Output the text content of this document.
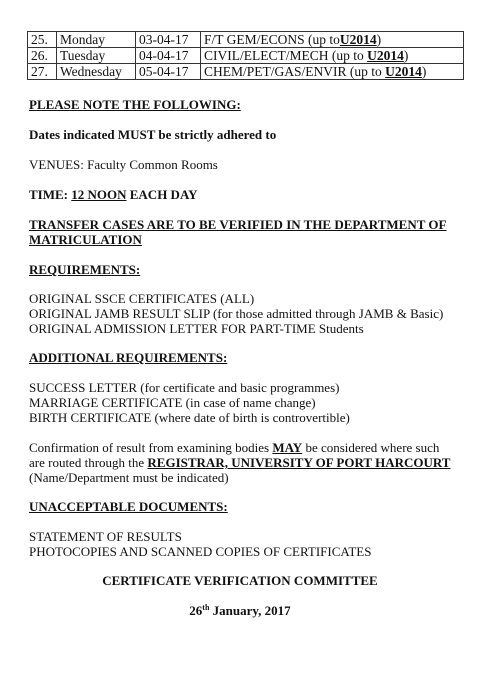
25.	Monday	03-04-17	F/T GEM/ECONS (up toU2014)
26.	Tuesday	04-04-17	CIVIL/ELECT/MECH (up to U2014)
27.	Wednesday	05-04-17	CHEM/PET/GAS/ENVIR (up to U2014)
PLEASE NOTE THE FOLLOWING:
Dates indicated MUST be strictly adhered to
VENUES: Faculty Common Rooms
TIME: 12 NOON EACH DAY
TRANSFER CASES ARE TO BE VERIFIED IN THE DEPARTMENT OF
MATRICULATION
REQUIREMENTS:
ORIGINAL SSCE CERTIFICATES (ALL)
ORIGINAL JAMB RESULT SLIP (for those admitted through JAMB & Basic)
ORIGINAL ADMISSION LETTER FOR PART-TIME Students
ADDITIONAL REQUIREMENTS:
SUCCESS LETTER (for certificate and basic programmes)
MARRIAGE CERTIFICATE (in case of name change)
BIRTH CERTIFICATE (where date of birth is controvertible)
Confirmation of result from examining bodies MAY be considered where such
are routed through the REGISTRAR, UNIVERSITY OF PORT HARCOURT
(Name/Department must be indicated)
UNACCEPTABLE DOCUMENTS:
STATEMENT OF RESULTS
PHOTOCOPIES AND SCANNED COPIES OF CERTIFICATES
CERTIFICATE VERIFICATION COMMITTEE
26th January, 2017
